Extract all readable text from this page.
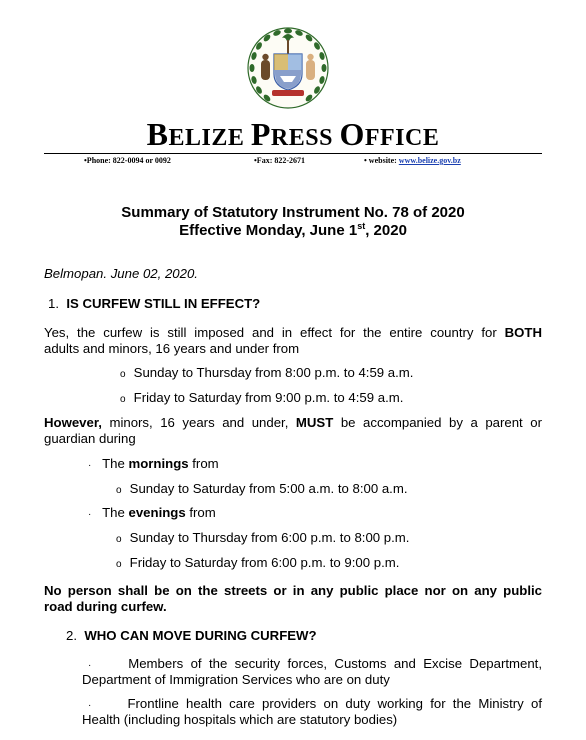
BELIZE PRESS OFFICE
•Phone: 822-0094 or 0092	•Fax: 822-2671	• website: www.belize.gov.bz
Summary of Statutory Instrument No. 78 of 2020
Effective Monday, June 1st, 2020
Belmopan. June 02, 2020.
1. IS CURFEW STILL IN EFFECT?
Yes, the curfew is still imposed and in effect for the entire country for BOTH
adults and minors, 16 years and under from
o Sunday to Thursday from 8:00 p.m. to 4:59 a.m.
o Friday to Saturday from 9:00 p.m. to 4:59 a.m.
However, minors, 16 years and under, MUST be accompanied by a parent or
guardian during
· The mornings from
o Sunday to Saturday from 5:00 a.m. to 8:00 a.m.
· The evenings from
o Sunday to Thursday from 6:00 p.m. to 8:00 p.m.
o Friday to Saturday from 6:00 p.m. to 9:00 p.m.
No person shall be on the streets or in any public place nor on any public
road during curfew.
2. WHO CAN MOVE DURING CURFEW?
·	Members of the security forces, Customs and Excise Department,
Department of Immigration Services who are on duty
·	Frontline health care providers on duty working for the Ministry of
Health (including hospitals which are statutory bodies)
